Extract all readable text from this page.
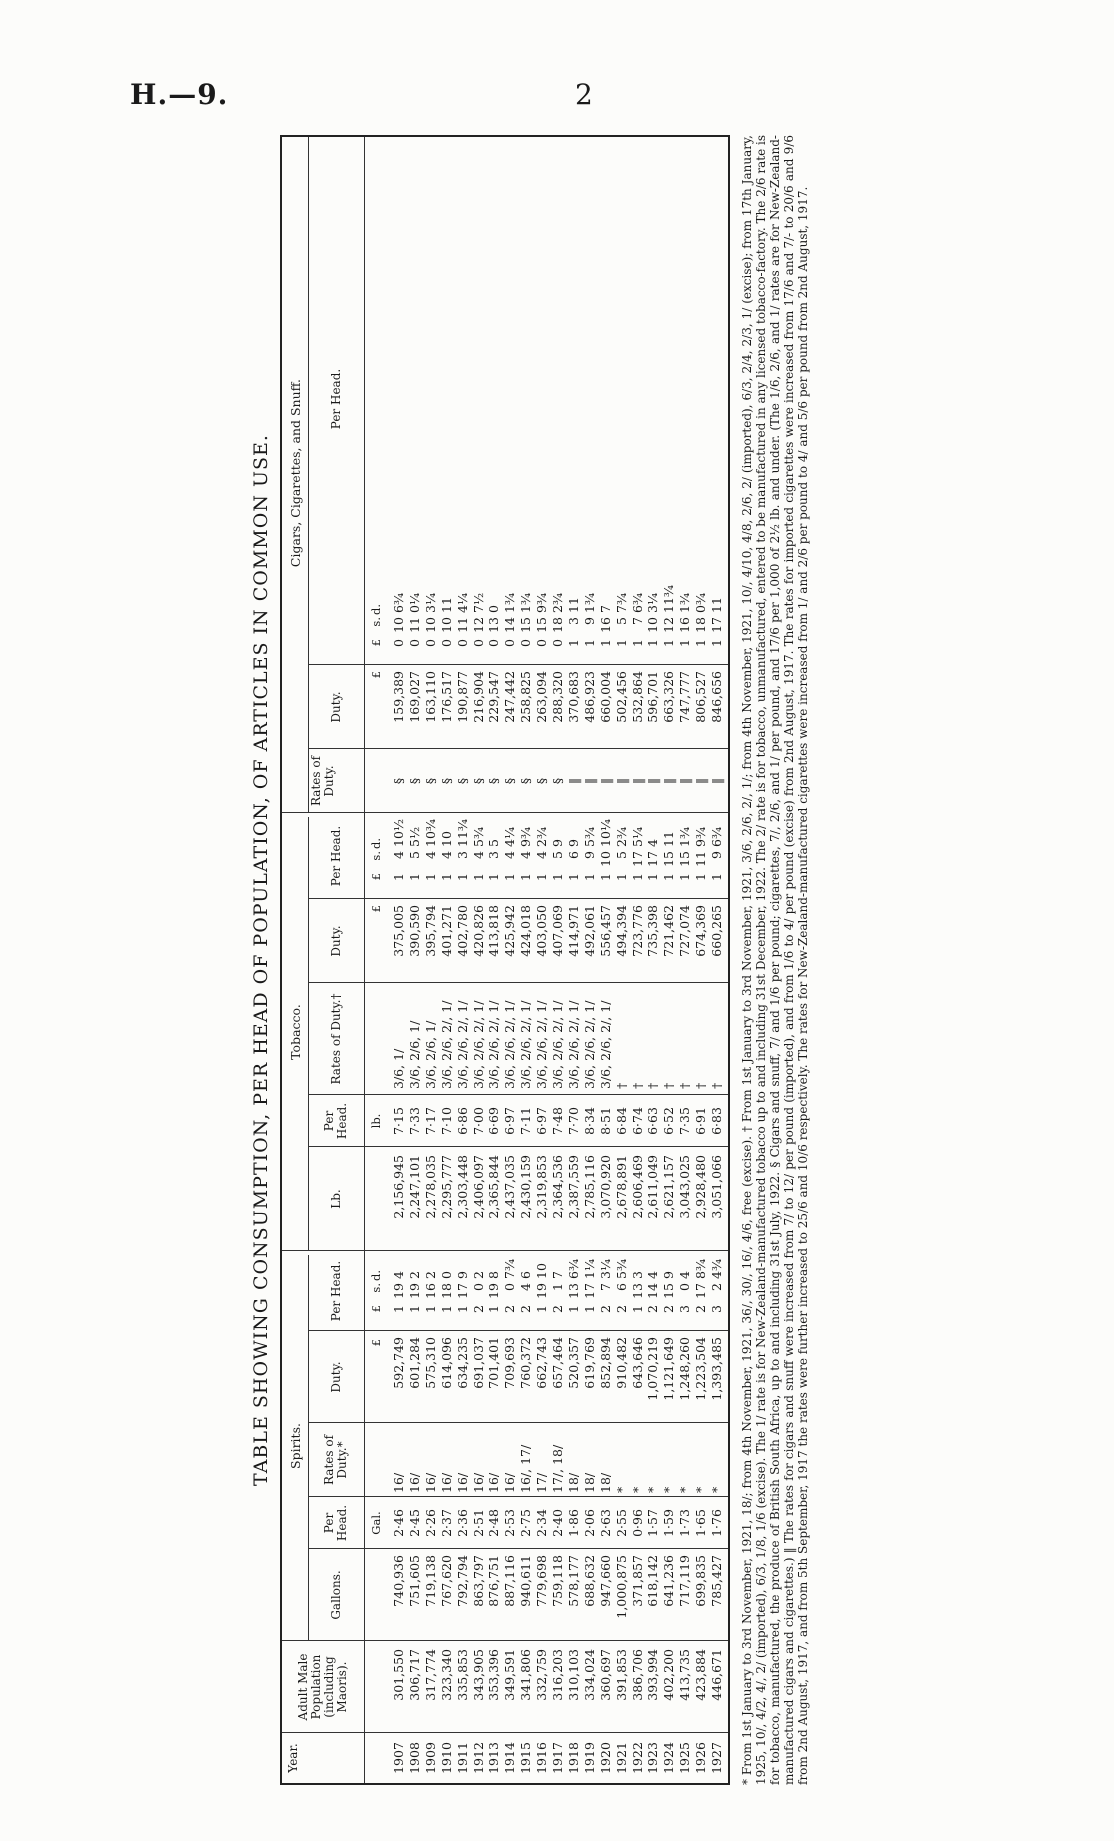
H.—9.	2
TABLE SHOWING CONSUMPTION, PER HEAD OF POPULATION, OF ARTICLES IN COMMON USE. Spirits.
Tobacco.
Cigars, Cigarettes, and Snuff.
Year.
Adult Male Population (including Maoris).
Gallons.
Per Head.
Rates of Duty.*
Duty.
Per Head.
Lb.
Per Head.
Rates of Duty.†
Duty.
Per Head.
Rates of Duty.
Duty.
Per Head.
Gal.
£
lb.
£
£
£
s.
d.
£
s.
d.
£
s.
d.
1907
301,550
740,936
2·46
16/
592,749
1
19
4
2,156,945
7·15
3/6, 1/
375,005
1
4
10½
§
159,389
0
10
6¾
1908
306,717
751,605
2·45
16/
601,284
1
19
2
2,247,101
7·33
3/6, 2/6, 1/
390,590
1
5
5½
§
169,027
0
11
0¼
1909
317,774
719,138
2·26
16/
575,310
1
16
2
2,278,035
7·17
3/6, 2/6, 1/
395,794
1
4
10¾
§
163,110
0
10
3¼
1910
323,340
767,620
2·37
16/
614,096
1
18
0
2,295,777
7·10
3/6, 2/6, 2/, 1/
401,271
1
4
10
§
176,517
0
10
11
1911
335,853
792,794
2·36
16/
634,235
1
17
9
2,303,448
6·86
3/6, 2/6, 2/, 1/
402,780
1
3
11¾
§
190,877
0
11
4¼
1912
343,905
863,797
2·51
16/
691,037
2
0
2
2,406,097
7·00
3/6, 2/6, 2/, 1/
420,826
1
4
5¾
§
216,904
0
12
7½
1913
353,396
876,751
2·48
16/
701,401
1
19
8
2,365,844
6·69
3/6, 2/6, 2/, 1/
413,818
1
3
5
§
229,547
0
13
0
1914
349,591
887,116
2·53
16/
709,693
2
0
7¾
2,437,035
6·97
3/6, 2/6, 2/, 1/
425,942
1
4
4¼
§
247,442
0
14
1¾
1915
341,806
940,611
2·75
16/, 17/
760,372
2
4
6
2,430,159
7·11
3/6, 2/6, 2/, 1/
424,018
1
4
9¾
§
258,825
0
15
1¾
1916
332,759
779,698
2·34
17/
662,743
1
19
10
2,319,853
6·97
3/6, 2/6, 2/, 1/
403,050
1
4
2¾
§
263,094
0
15
9¾
1917
316,203
759,118
2·40
17/, 18/
657,464
2
1
7
2,364,536
7·48
3/6, 2/6, 2/, 1/
407,069
1
5
9
§
288,320
0
18
2¾
1918
310,103
578,177
1·86
18/
520,357
1
13
6¾
2,387,559
7·70
3/6, 2/6, 2/, 1/
414,971
1
6
9
‖
370,683
1
3
11
1919
334,024
688,632
2·06
18/
619,769
1
17
1¼
2,785,116
8·34
3/6, 2/6, 2/, 1/
492,061
1
9
5¾
‖
486,923
1
9
1¾
1920
360,697
947,660
2·63
18/
852,894
2
7
3¼
3,070,920
8·51
3/6, 2/6, 2/, 1/
556,457
1
10
10¼
‖
660,004
1
16
7
1921
391,853
1,000,875
2·55
*
910,482
2
6
5¾
2,678,891
6·84
†
494,394
1
5
2¾
‖
502,456
1
5
7¾
1922
386,706
371,857
0·96
*
643,646
1
13
3
2,606,469
6·74
†
723,776
1
17
5¼
‖
532,864
1
7
6¾
1923
393,994
618,142
1·57
*
1,070,219
2
14
4
2,611,049
6·63
†
735,398
1
17
4
‖
596,701
1
10
3¼
1924
402,200
641,236
1·59
*
1,121,649
2
15
9
2,621,157
6·52
†
721,462
1
15
11
‖
663,326
1
12
11¾
1925
413,735
717,119
1·73
*
1,248,260
3
0
4
3,043,025
7·35
†
727,074
1
15
1¾
‖
747,777
1
16
1¾
1926
423,884
699,835
1·65
*
1,223,504
2
17
8¾
2,928,480
6·91
†
674,369
1
11
9¾
‖
806,527
1
18
0¾
1927
446,671
785,427
1·76
*
1,393,485
3
2
4¾
3,051,066
6·83
†
660,265
1
9
6¾
‖
846,656
1
17
11 * From 1st January to 3rd November, 1921, 18/; from 4th November, 1921, 36/, 30/, 16/, 4/6, free (excise). † From 1st January to 3rd November, 1921, 3/6, 2/6, 2/, 1/; from 4th November, 1921, 10/, 4/10, 4/8, 2/6, 2/ (imported), 6/3, 2/4, 2/3, 1/ (excise); from 17th January, 1925, 10/, 4/2, 4/, 2/ (imported), 6/3, 1/8, 1/6 (excise). The 1/ rate is for New-Zealand-manufactured tobacco up to and including 31st December, 1922. The 2/ rate is for tobacco, unmanufactured, entered to be manufactured in any licensed tobacco-factory. The 2/6 rate is for tobacco, manufactured, the produce of British South Africa, up to and including 31st July, 1922. § Cigars and snuff, 7/ and 1/6 per pound; cigarettes, 7/, 2/6, and 1/ per pound, and 17/6 per 1,000 of 2½ lb. and under. (The 1/6, 2/6, and 1/ rates are for New-Zealand-manufactured cigars and cigarettes.) ‖ The rates for cigars and snuff were increased from 7/ to 12/ per pound (imported), and from 1/6 to 4/ per pound (excise) from 2nd August, 1917. The rates for imported cigarettes were increased from 17/6 and 7/- to 20/6 and 9/6 from 2nd August, 1917, and from 5th September, 1917 the rates were further increased to 25/6 and 10/6 respectively. The rates for New-Zealand-manufactured cigarettes were increased from 1/ and 2/6 per pound to 4/ and 5/6 per pound from 2nd August, 1917.
